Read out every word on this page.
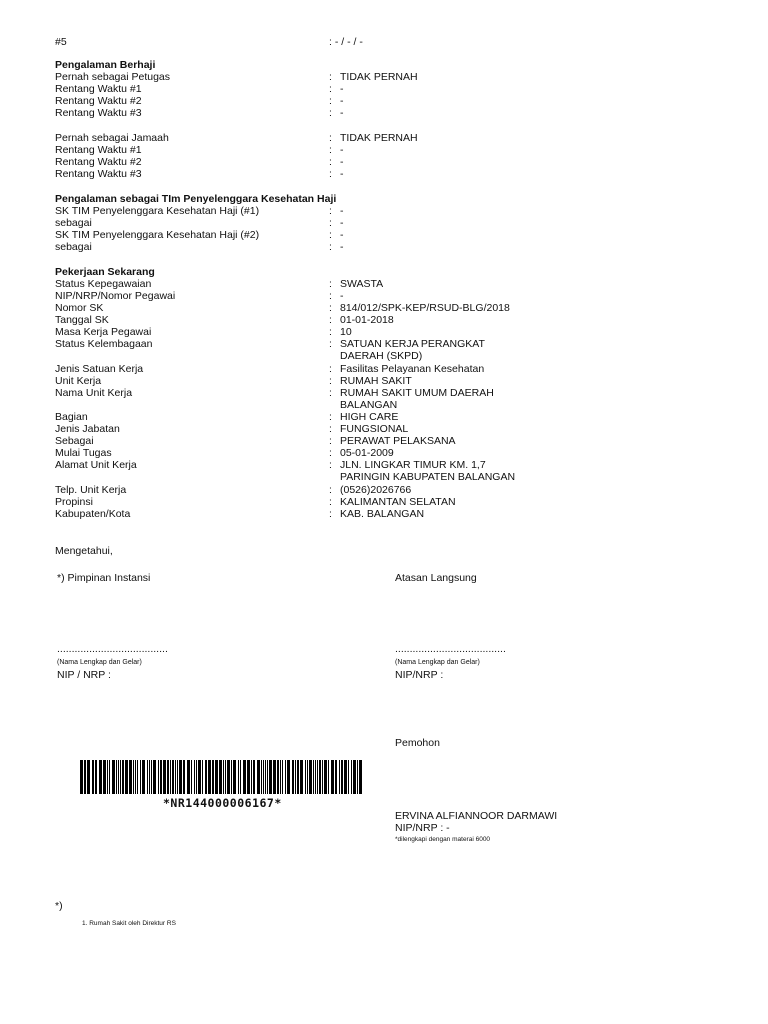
#5	: - / - / -
Pengalaman Berhaji
Pernah sebagai Petugas	: TIDAK PERNAH
Rentang Waktu #1	: -
Rentang Waktu #2	: -
Rentang Waktu #3	: -
Pernah sebagai Jamaah	: TIDAK PERNAH
Rentang Waktu #1	: -
Rentang Waktu #2	: -
Rentang Waktu #3	: -
Pengalaman sebagai TIm Penyelenggara Kesehatan Haji
SK TIM Penyelenggara Kesehatan Haji (#1)	: -
sebagai	: -
SK TIM Penyelenggara Kesehatan Haji (#2)	: -
sebagai	: -
Pekerjaan Sekarang
Status Kepegawaian	: SWASTA
NIP/NRP/Nomor Pegawai	: -
Nomor SK	: 814/012/SPK-KEP/RSUD-BLG/2018
Tanggal SK	: 01-01-2018
Masa Kerja Pegawai	: 10
Status Kelembagaan	: SATUAN KERJA PERANGKAT
DAERAH (SKPD)
Jenis Satuan Kerja	: Fasilitas Pelayanan Kesehatan
Unit Kerja	: RUMAH SAKIT
Nama Unit Kerja	: RUMAH SAKIT UMUM DAERAH
BALANGAN
Bagian	: HIGH CARE
Jenis Jabatan	: FUNGSIONAL
Sebagai	: PERAWAT PELAKSANA
Mulai Tugas	: 05-01-2009
Alamat Unit Kerja	: JLN. LINGKAR TIMUR KM. 1,7
PARINGIN KABUPATEN BALANGAN
Telp. Unit Kerja	: (0526)2026766
Propinsi	: KALIMANTAN SELATAN
Kabupaten/Kota	: KAB. BALANGAN
Mengetahui,
*) Pimpinan Instansi
......................................
(Nama Lengkap dan Gelar)
NIP / NRP :
Atasan Langsung
......................................
(Nama Lengkap dan Gelar)
NIP/NRP :
Pemohon
ERVINA ALFIANNOOR DARMAWI
NIP/NRP : -
*dilengkapi dengan materai 6000
*NR144000006167*
*)
1. Rumah Sakit oleh Direktur RS
